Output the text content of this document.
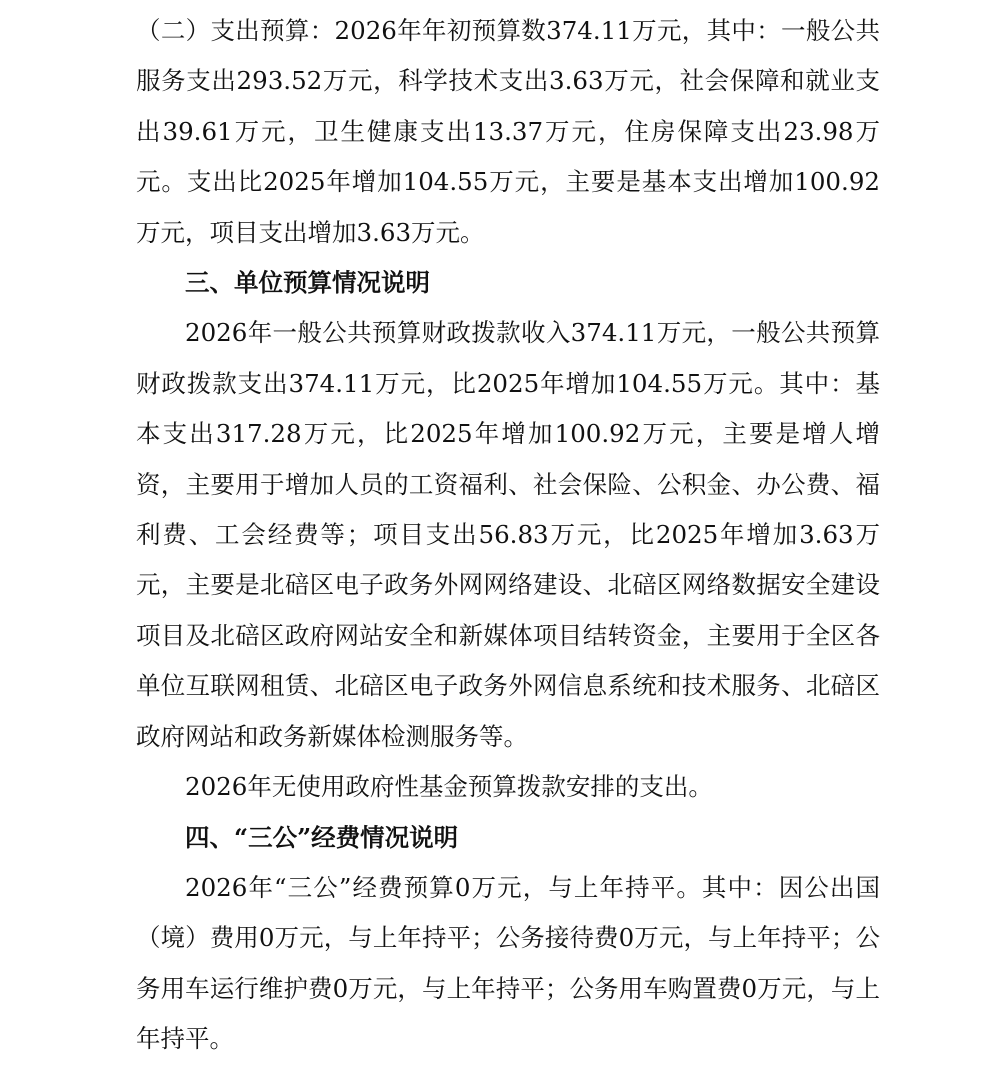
（二）支出预算：2026年年初预算数374.11万元，其中：一般公共服务支出293.52万元，科学技术支出3.63万元，社会保障和就业支出39.61万元，卫生健康支出13.37万元，住房保障支出23.98万元。支出比2025年增加104.55万元，主要是基本支出增加100.92万元，项目支出增加3.63万元。

三、单位预算情况说明

2026年一般公共预算财政拨款收入374.11万元，一般公共预算财政拨款支出374.11万元，比2025年增加104.55万元。其中：基本支出317.28万元，比2025年增加100.92万元，主要是增人增资，主要用于增加人员的工资福利、社会保险、公积金、办公费、福利费、工会经费等；项目支出56.83万元，比2025年增加3.63万元，主要是北碚区电子政务外网网络建设、北碚区网络数据安全建设项目及北碚区政府网站安全和新媒体项目结转资金，主要用于全区各单位互联网租赁、北碚区电子政务外网信息系统和技术服务、北碚区政府网站和政务新媒体检测服务等。

2026年无使用政府性基金预算拨款安排的支出。

四、“三公”经费情况说明

2026年“三公”经费预算0万元，与上年持平。其中：因公出国（境）费用0万元，与上年持平；公务接待费0万元，与上年持平；公务用车运行维护费0万元，与上年持平；公务用车购置费0万元，与上年持平。
